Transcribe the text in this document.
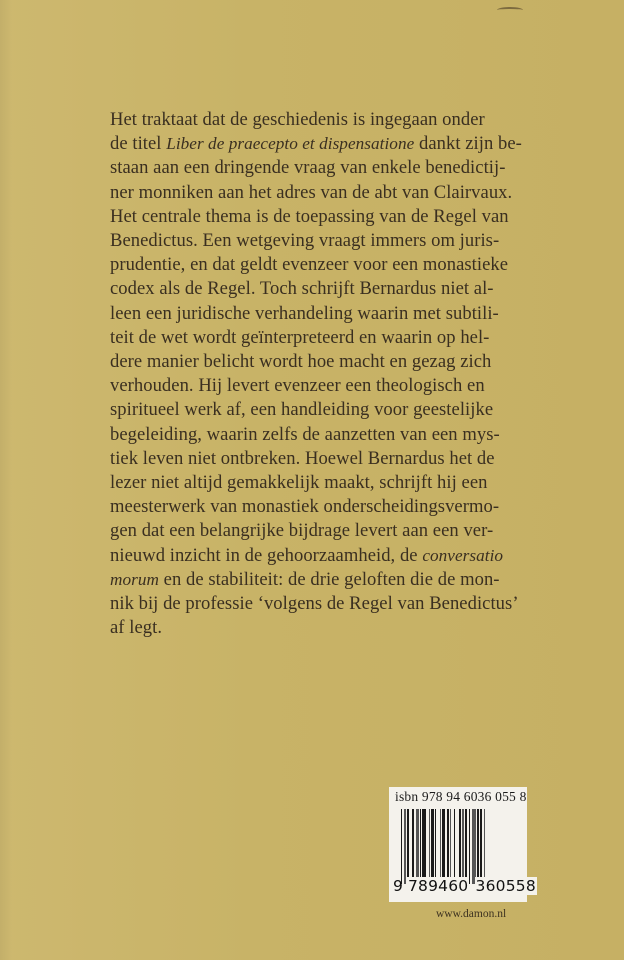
Het traktaat dat de geschiedenis is ingegaan onder
de titel Liber de praecepto et dispensatione dankt zijn be-
staan aan een dringende vraag van enkele benedictij-
ner monniken aan het adres van de abt van Clairvaux.
Het centrale thema is de toepassing van de Regel van
Benedictus. Een wetgeving vraagt immers om juris-
prudentie, en dat geldt evenzeer voor een monastieke
codex als de Regel. Toch schrijft Bernardus niet al-
leen een juridische verhandeling waarin met subtili-
teit de wet wordt geïnterpreteerd en waarin op hel-
dere manier belicht wordt hoe macht en gezag zich
verhouden. Hij levert evenzeer een theologisch en
spiritueel werk af, een handleiding voor geestelijke
begeleiding, waarin zelfs de aanzetten van een mys-
tiek leven niet ontbreken. Hoewel Bernardus het de
lezer niet altijd gemakkelijk maakt, schrijft hij een
meesterwerk van monastiek onderscheidingsvermo-
gen dat een belangrijke bijdrage levert aan een ver-
nieuwd inzicht in de gehoorzaamheid, de conversatio
morum en de stabiliteit: de drie geloften die de mon-
nik bij de professie ‘volgens de Regel van Benedictus’
af legt.
isbn 978 94 6036 055 8
9 789460 360558
www.damon.nl
